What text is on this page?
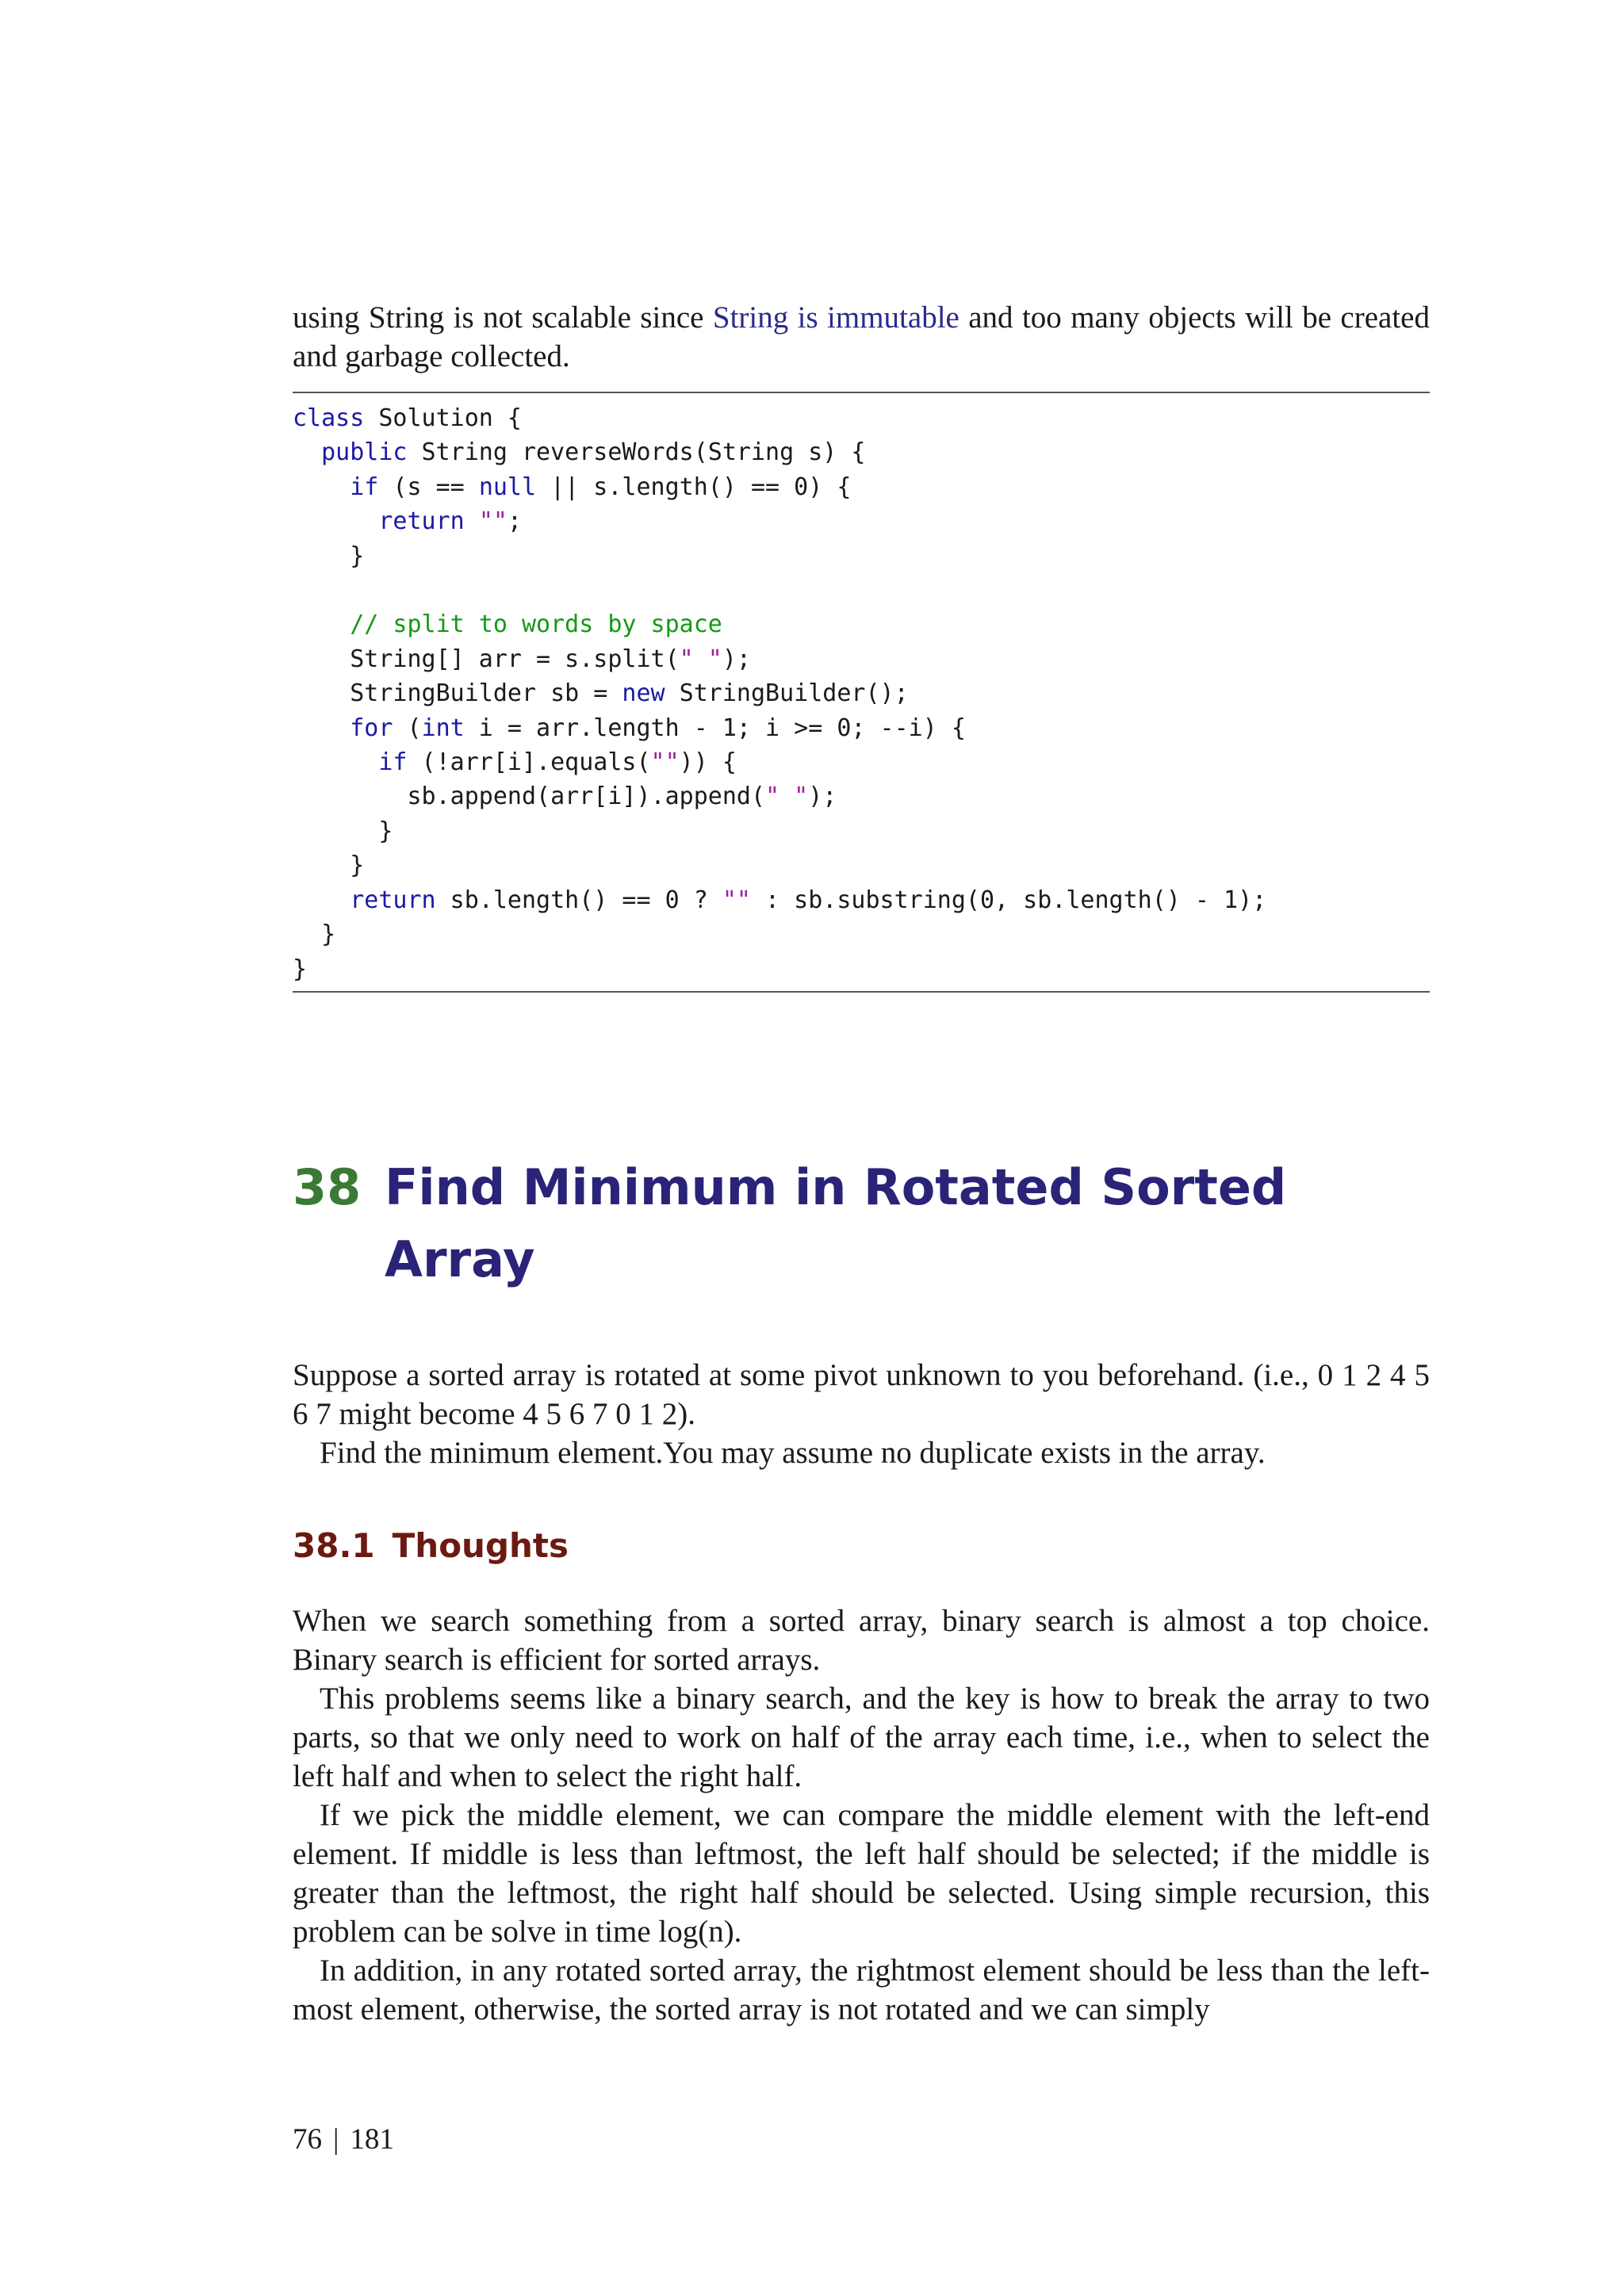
using String is not scalable since String is immutable and too many objects will be created and garbage collected.

class Solution {
public String reverseWords(String s) {
if (s == null || s.length() == 0) {
return "";
}

// split to words by space
String[] arr = s.split(" ");
StringBuilder sb = new StringBuilder();
for (int i = arr.length - 1; i >= 0; --i) {
if (!arr[i].equals("")) {
sb.append(arr[i]).append(" ");
}
}
return sb.length() == 0 ? "" : sb.substring(0, sb.length() - 1);
}
}
38 Find Minimum in Rotated Sorted Array

Suppose a sorted array is rotated at some pivot unknown to you beforehand. (i.e., 0 1 2 4 5 6 7 might become 4 5 6 7 0 1 2).

Find the minimum element.You may assume no duplicate exists in the array.

38.1 Thoughts

When we search something from a sorted array, binary search is almost a top choice. Binary search is efficient for sorted arrays.

This problems seems like a binary search, and the key is how to break the array to two parts, so that we only need to work on half of the array each time, i.e., when to select the left half and when to select the right half.

If we pick the middle element, we can compare the middle element with the left-end element. If middle is less than leftmost, the left half should be selected; if the middle is greater than the leftmost, the right half should be selected. Using simple recursion, this problem can be solve in time log(n).

In addition, in any rotated sorted array, the rightmost element should be less than the left-most element, otherwise, the sorted array is not rotated and we can simply

76 | 181
